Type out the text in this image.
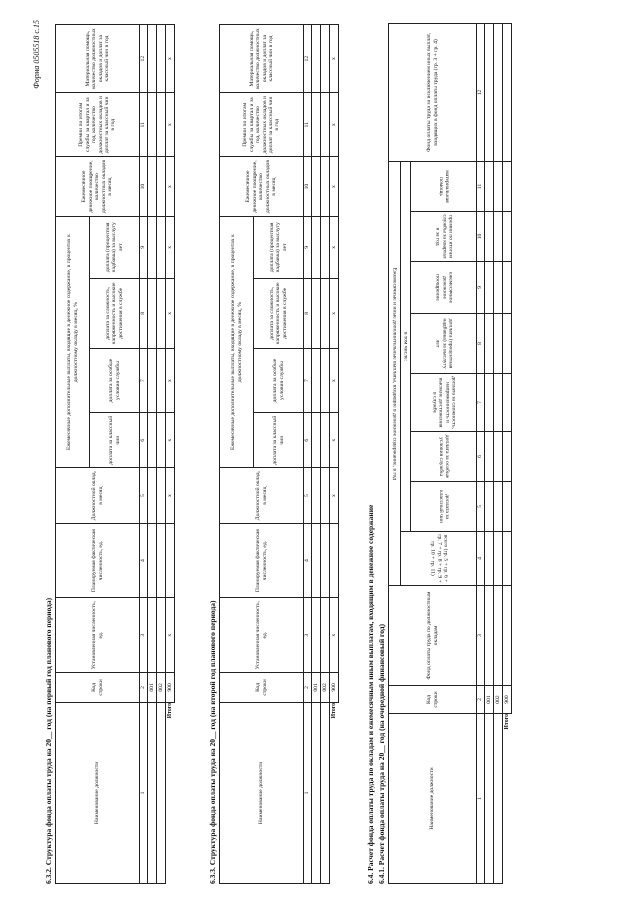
Форма 0505518 с.15
6.3.2. Структура фонда оплаты труда на 20__ год (на первый год планового периода)	Наименование должности	Код строки	Установленная численность, ед.	Планируемая фактическая численность, ед.	Должностной оклад, в месяц	Ежемесячные дополнительные выплаты, входящие в денежное содержание, в процентах к должностному окладу в месяц, %				Ежемесячное денежное поощрение, количество должностных окладов в месяц	Премии по итогам службы за квартал и за год, количество должностных окладов и доплат за классный чин в год	Материальная помощь, количество должностных окладов и доплат за классный чин в год
					доплата за классный чин	доплата за особые условия службы	доплата за сложность, напряженность и высокие достижения в службе	доплата (процентная надбавка) за выслугу лет			
1	2	3	4	5	6	7	8	9	10	11	12
	001										
	002										
Итого	900	x		x	x	x	x	x	x	x	x
6.3.3. Структура фонда оплаты труда на 20__ год (на второй год планового периода)	Наименование должности	Код строки	Установленная численность, ед.	Планируемая фактическая численность, ед.	Должностной оклад, в месяц	Ежемесячные дополнительные выплаты, входящие в денежное содержание, в процентах к должностному окладу в месяц, %				Ежемесячное денежное поощрение, количество должностных окладов в месяц	Премии по итогам службы за квартал и за год, количество должностных окладов и доплат за классный чин в год	Материальная помощь, количество должностных окладов и доплат за классный чин в год
					доплата за классный чин	доплата за особые условия службы	доплата за сложность, напряженность и высокие достижения в службе	доплата (процентная надбавка) за выслугу лет			
1	2	3	4	5	6	7	8	9	10	11	12
	001										
	002										
Итого	900	x		x	x	x	x	x	x	x	x
6.4. Расчет фонда оплаты труда по окладам и ежемесячным иным выплатам, входящим в денежное содержание 6.4.1. Расчет фонда оплаты труда на 20__ год (на очередной финансовый год)	Наименование должности	Код строки	Фонд оплаты труда по должностным окладам	Ежемесячные и иные дополнительные выплаты, входящие в денежное содержание, в год								Фонд оплаты труда за исключением иных выплат, входящих в фонд оплаты труда (гр. 3 + гр. 4)
			всего (гр. 5 + гр. 6 + гр. 7 + гр. 8 + гр. 9 + гр. 10 + гр. 11)	в том числе:							
				доплата за классный чин	доплата за особые условия службы	доплата за сложность, напряженность и высокие достижения в службе	доплата (процентная надбавка) за выслугу лет	ежемесячное денежное поощрение	премии по итогам службы за квартал и за год	материальная помощь	
1	2	3	4	5	6	7	8	9	10	11	12
	001										
	002										
Итого	900										
